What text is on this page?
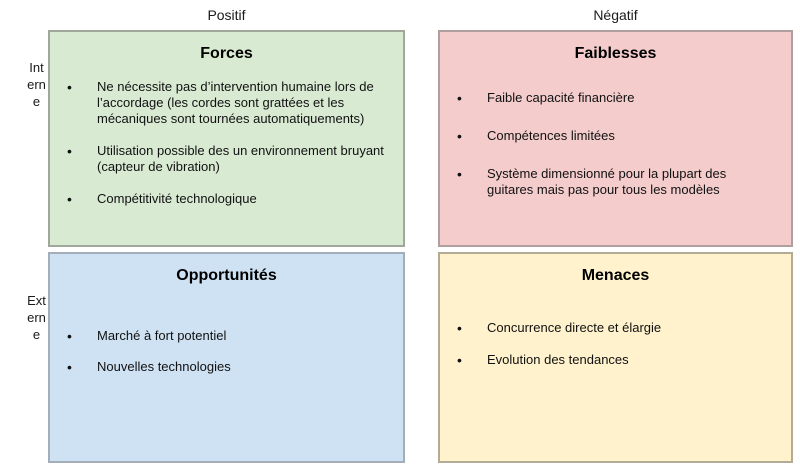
Positif	Négatif
Interne
Externe
Forces
•	Ne nécessite pas d’intervention humaine lors de l’accordage (les cordes sont grattées et les mécaniques sont tournées automatiquements)
•	Utilisation possible des un environnement bruyant (capteur de vibration)
•	Compétitivité technologique
Faiblesses
•	Faible capacité financière
•	Compétences limitées
•	Système dimensionné pour la plupart des guitares mais pas pour tous les modèles
Opportunités
•	Marché à fort potentiel
•	Nouvelles technologies
Menaces
•	Concurrence directe et élargie
•	Evolution des tendances
